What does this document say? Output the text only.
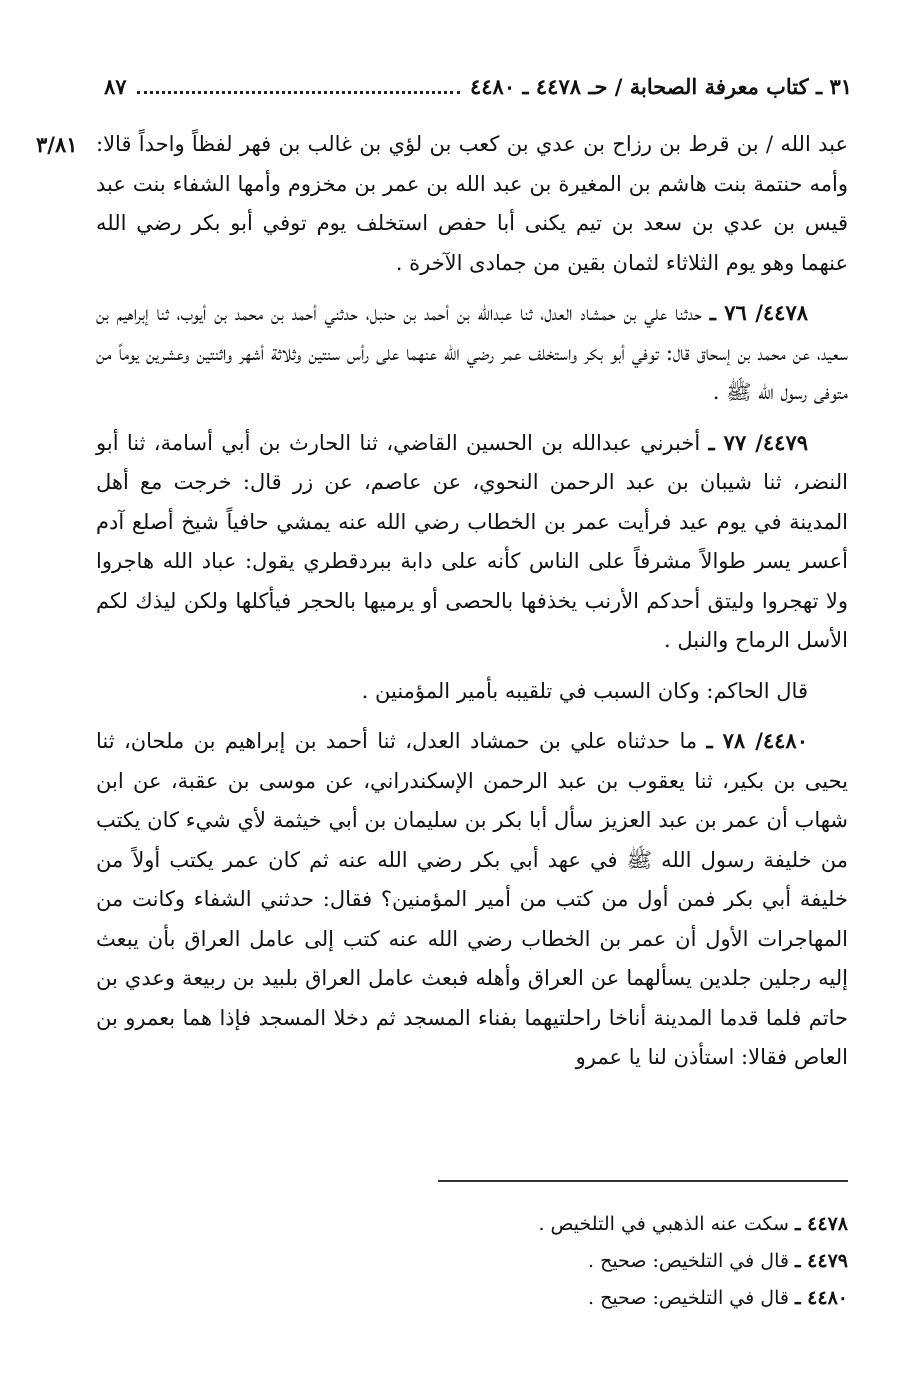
٣١ ـ كتاب معرفة الصحابة / حـ ٤٤٧٨ ـ ٤٤٨٠
٨٧
٣/٨١ عبد الله / بن قرط بن رزاح بن عدي بن كعب بن لؤي بن غالب بن فهر لفظاً واحداً قالا: وأمه حنتمة بنت هاشم بن المغيرة بن عبد الله بن عمر بن مخزوم وأمها الشفاء بنت عبد قيس بن عدي بن سعد بن تيم يكنى أبا حفص استخلف يوم توفي أبو بكر رضي الله عنهما وهو يوم الثلاثاء لثمان بقين من جمادى الآخرة .

٤٤٧٨/ ٧٦ ـ حدثنا علي بن حمشاد العدل، ثنا عبدالله بن أحمد بن حنبل، حدثني أحمد بن محمد بن أيوب، ثنا إبراهيم بن سعيد، عن محمد بن إسحاق قال: توفي أبو بكر واستخلف عمر رضي الله عنهما على رأس سنتين وثلاثة أشهر واثنتين وعشرين يوماً من متوفى رسول الله ﷺ .

٤٤٧٩/ ٧٧ ـ أخبرني عبدالله بن الحسين القاضي، ثنا الحارث بن أبي أسامة، ثنا أبو النضر، ثنا شيبان بن عبد الرحمن النحوي، عن عاصم، عن زر قال: خرجت مع أهل المدينة في يوم عيد فرأيت عمر بن الخطاب رضي الله عنه يمشي حافياً شيخ أصلع آدم أعسر يسر طوالاً مشرفاً على الناس كأنه على دابة ببردقطري يقول: عباد الله هاجروا ولا تهجروا وليتق أحدكم الأرنب يخذفها بالحصى أو يرميها بالحجر فيأكلها ولكن ليذك لكم الأسل الرماح والنبل .

قال الحاكم: وكان السبب في تلقيبه بأمير المؤمنين .

٤٤٨٠/ ٧٨ ـ ما حدثناه علي بن حمشاد العدل، ثنا أحمد بن إبراهيم بن ملحان، ثنا يحيى بن بكير، ثنا يعقوب بن عبد الرحمن الإسكندراني، عن موسى بن عقبة، عن ابن شهاب أن عمر بن عبد العزيز سأل أبا بكر بن سليمان بن أبي خيثمة لأي شيء كان يكتب من خليفة رسول الله ﷺ في عهد أبي بكر رضي الله عنه ثم كان عمر يكتب أولاً من خليفة أبي بكر فمن أول من كتب من أمير المؤمنين؟ فقال: حدثني الشفاء وكانت من المهاجرات الأول أن عمر بن الخطاب رضي الله عنه كتب إلى عامل العراق بأن يبعث إليه رجلين جلدين يسألهما عن العراق وأهله فبعث عامل العراق بلبيد بن ربيعة وعدي بن حاتم فلما قدما المدينة أناخا راحلتيهما بفناء المسجد ثم دخلا المسجد فإذا هما بعمرو بن العاص فقالا: استأذن لنا يا عمرو

٤٤٧٨ ـ سكت عنه الذهبي في التلخيص .
٤٤٧٩ ـ قال في التلخيص: صحيح .
٤٤٨٠ ـ قال في التلخيص: صحيح .
